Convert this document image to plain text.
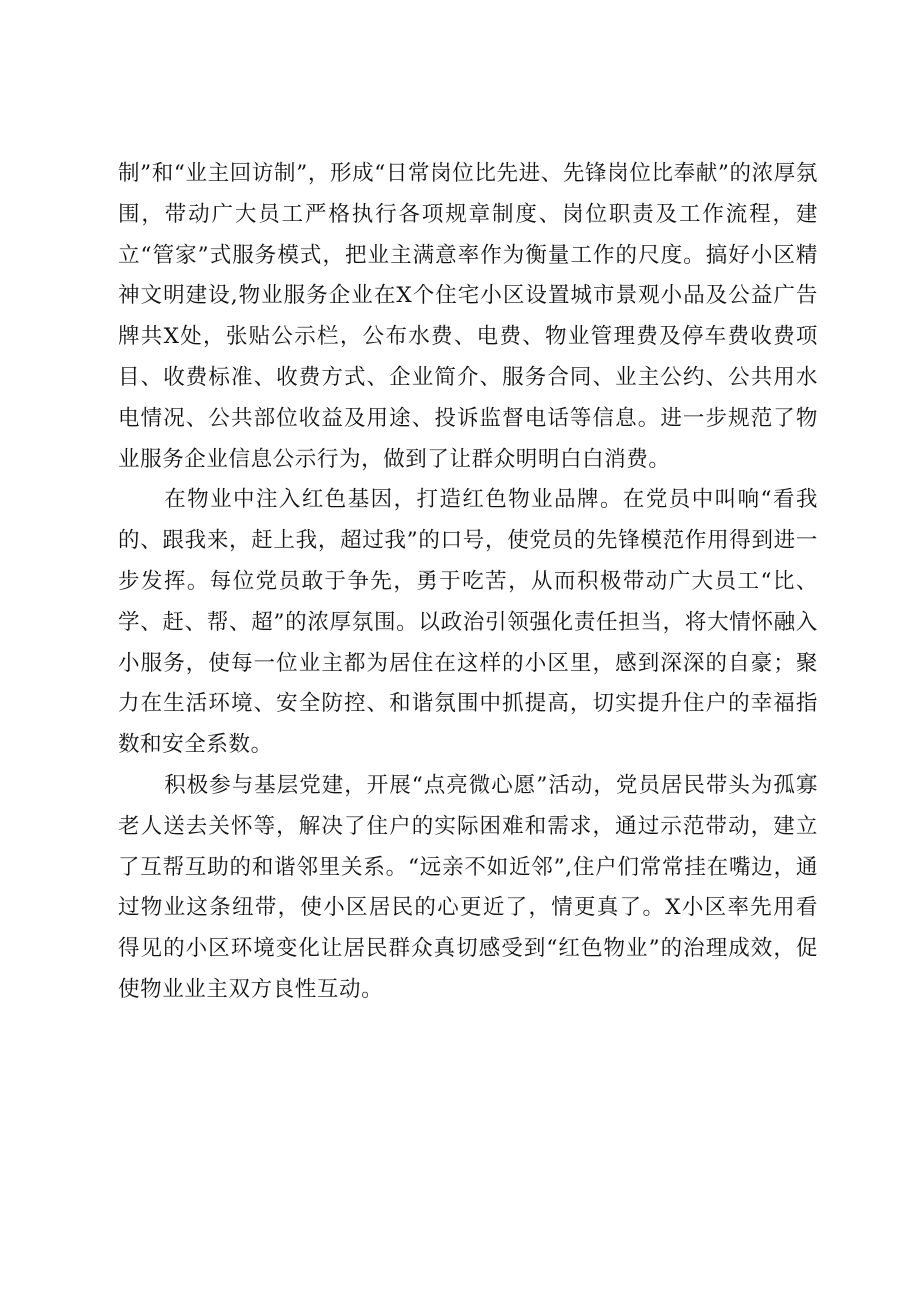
制”和“业主回访制”，形成“日常岗位比先进、先锋岗位比奉献”的浓厚氛围，带动广大员工严格执行各项规章制度、岗位职责及工作流程，建立“管家”式服务模式，把业主满意率作为衡量工作的尺度。搞好小区精神文明建设,物业服务企业在X个住宅小区设置城市景观小品及公益广告牌共X处，张贴公示栏，公布水费、电费、物业管理费及停车费收费项目、收费标准、收费方式、企业简介、服务合同、业主公约、公共用水电情况、公共部位收益及用途、投诉监督电话等信息。进一步规范了物业服务企业信息公示行为，做到了让群众明明白白消费。

在物业中注入红色基因，打造红色物业品牌。在党员中叫响“看我的、跟我来，赶上我，超过我”的口号，使党员的先锋模范作用得到进一步发挥。每位党员敢于争先，勇于吃苦，从而积极带动广大员工“比、学、赶、帮、超”的浓厚氛围。以政治引领强化责任担当，将大情怀融入小服务，使每一位业主都为居住在这样的小区里，感到深深的自豪；聚力在生活环境、安全防控、和谐氛围中抓提高，切实提升住户的幸福指数和安全系数。

积极参与基层党建，开展“点亮微心愿”活动，党员居民带头为孤寡老人送去关怀等，解决了住户的实际困难和需求，通过示范带动，建立了互帮互助的和谐邻里关系。“远亲不如近邻”,住户们常常挂在嘴边，通过物业这条纽带，使小区居民的心更近了，情更真了。X小区率先用看得见的小区环境变化让居民群众真切感受到“红色物业”的治理成效，促使物业业主双方良性互动。
